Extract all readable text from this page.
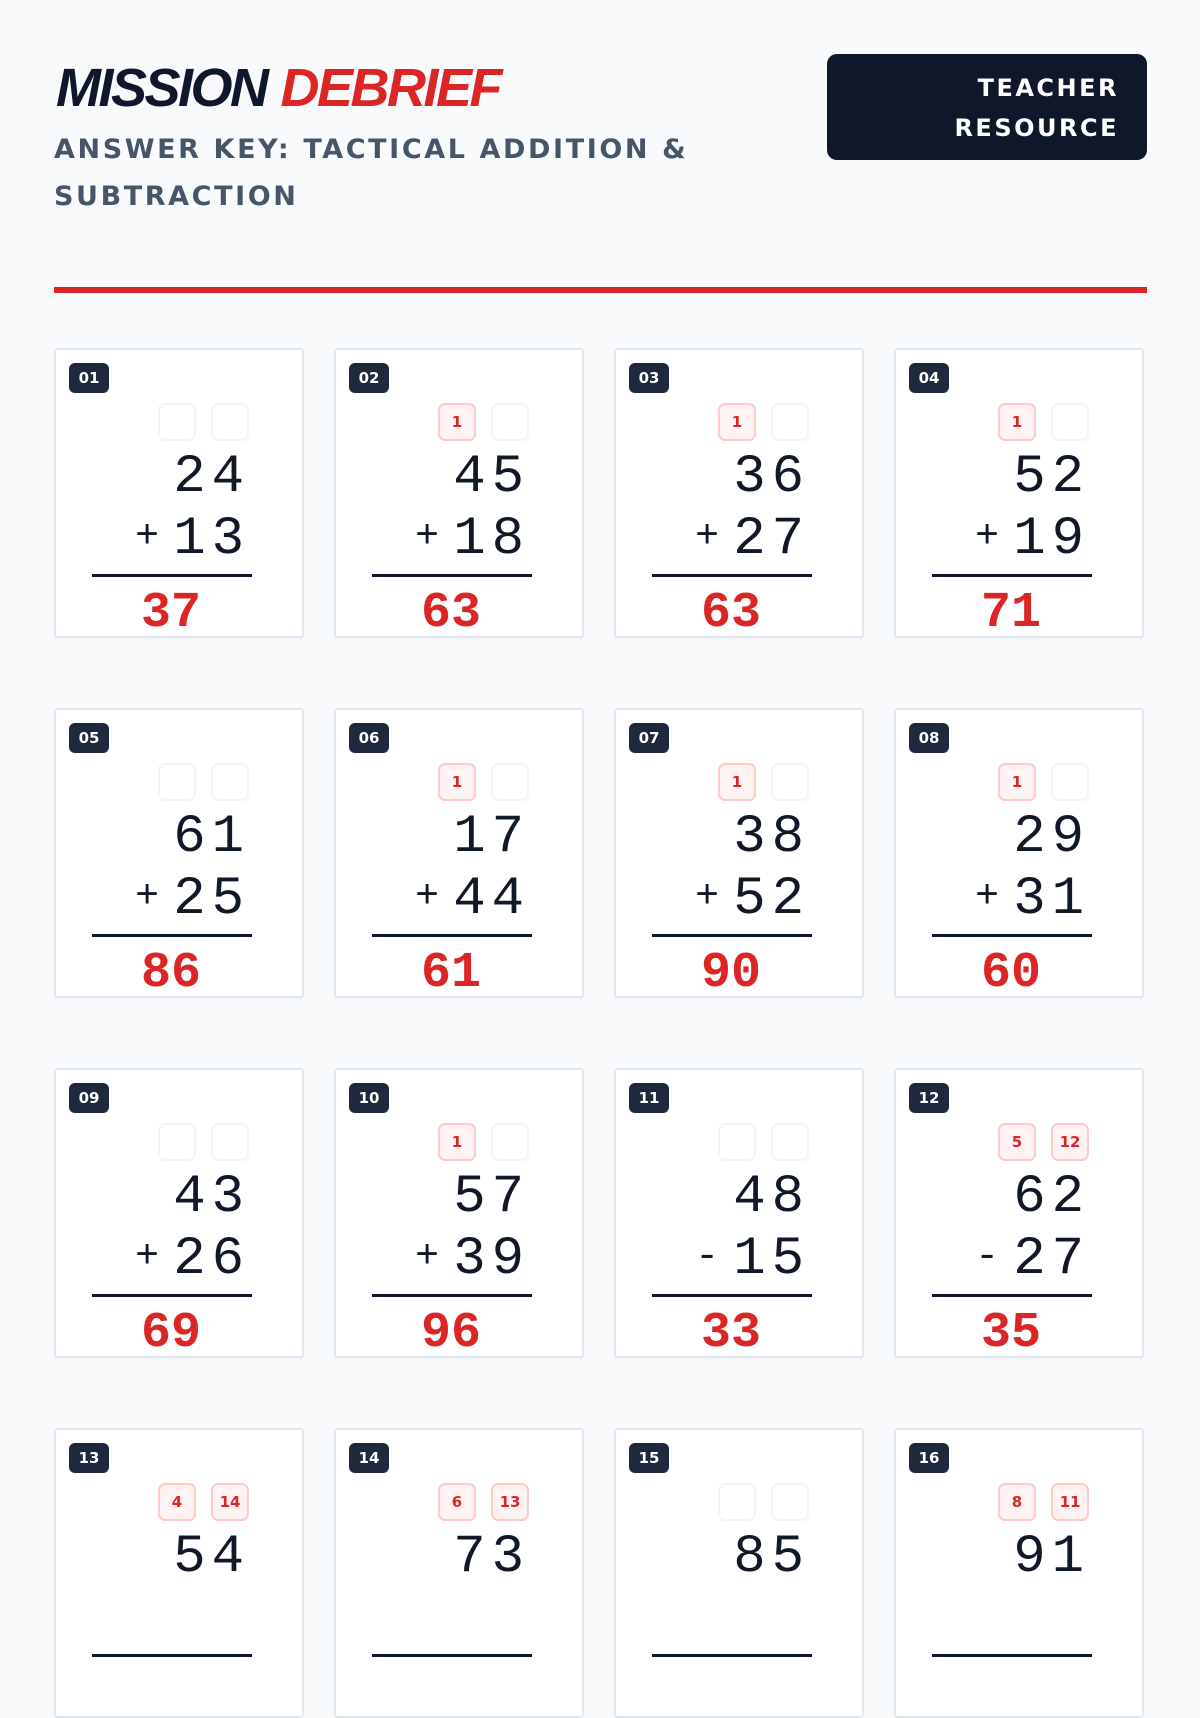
MISSION DEBRIEF

ANSWER KEY: TACTICAL ADDITION & SUBTRACTION

TEACHER
RESOURCE
01
24
+ 13
37
02
1
45
+ 18
63
03
1
36
+ 27
63
04
1
52
+ 19
71
05
61
+ 25
86
06
1
17
+ 44
61
07
1
38
+ 52
90
08
1
29
+ 31
60
09
43
+ 26
69
10
1
57
+ 39
96
11
48
- 15
33
12
5	12
62
- 27
35
13
4	14
54
14
6	13
73
15
85
16
8	11
91
